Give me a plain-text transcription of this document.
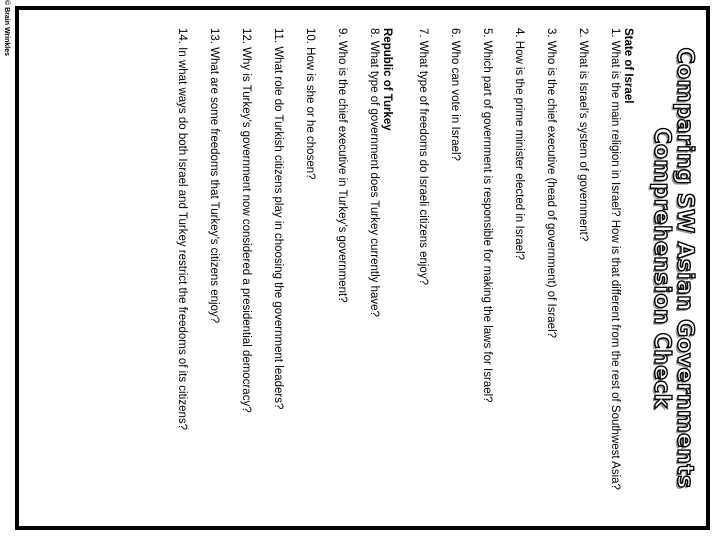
© Brain Wrinkles
Comparing SW Asian Governments
Comprehension Check

State of Israel

1. What is the main religion in Israel? How is that different from the rest of Southwest Asia?

2. What is Israel’s system of government?

3. Who is the chief executive (head of government) of Israel?

4. How is the prime minister elected in Israel?

5. Which part of government is responsible for making the laws for Israel?

6. Who can vote in Israel?

7. What type of freedoms do Israeli citizens enjoy?

Republic of Turkey

8. What type of government does Turkey currently have?

9. Who is the chief executive in Turkey’s government?

10. How is she or he chosen?

11. What role do Turkish citizens play in choosing the government leaders?

12. Why is Turkey’s government now considered a presidential democracy?

13. What are some freedoms that Turkey’s citizens enjoy?

14. In what ways do both Israel and Turkey restrict the freedoms of its citizens?
